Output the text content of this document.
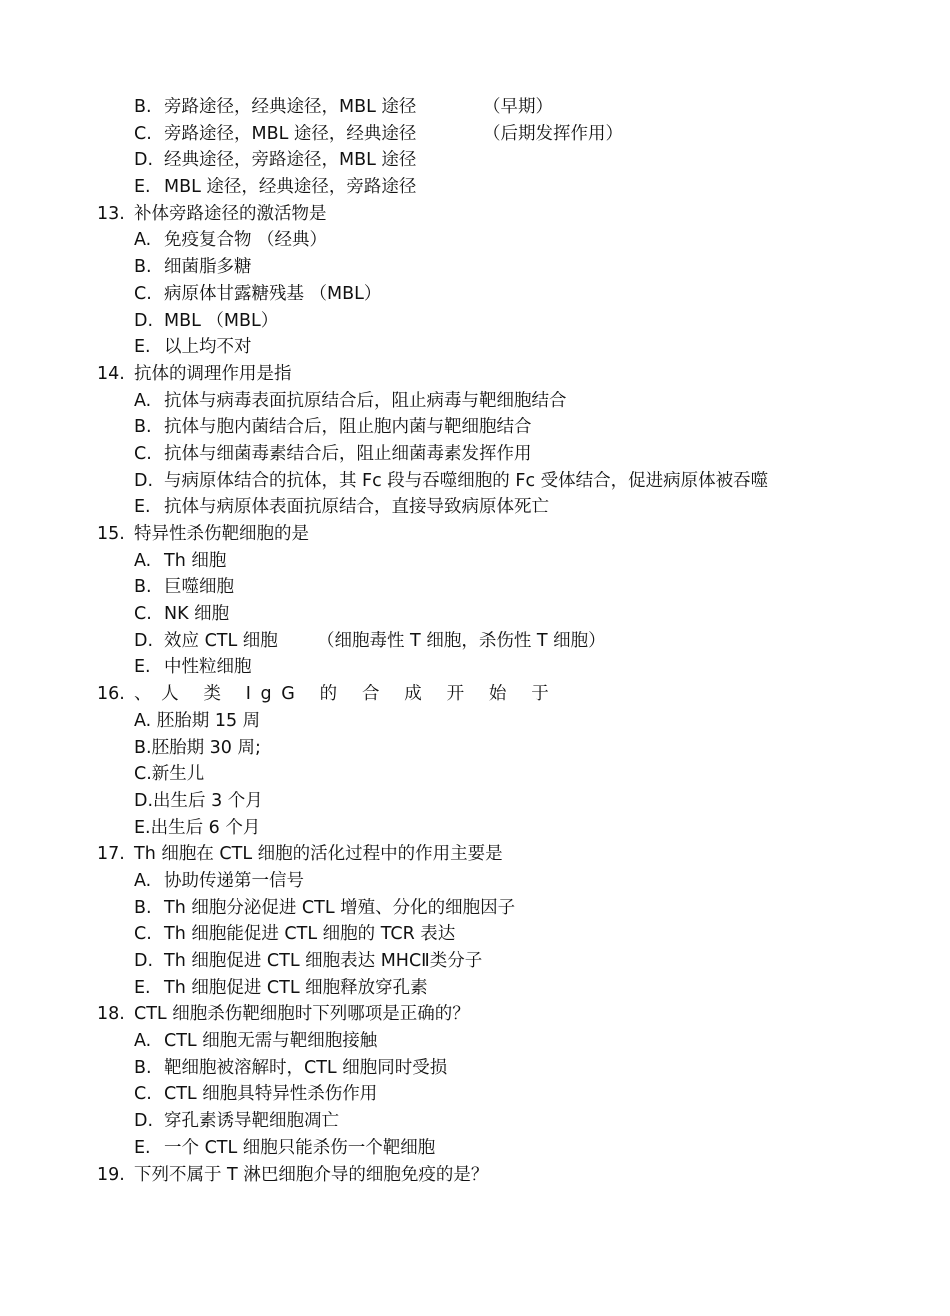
B. 旁路途径，经典途径，MBL 途径	（早期）
C. 旁路途径，MBL 途径，经典途径	（后期发挥作用）
D. 经典途径，旁路途径，MBL 途径
E. MBL 途径，经典途径，旁路途径
13. 补体旁路途径的激活物是
A. 免疫复合物 （经典）
B. 细菌脂多糖
C. 病原体甘露糖残基 （MBL）
D. MBL （MBL）
E. 以上均不对
14. 抗体的调理作用是指
A. 抗体与病毒表面抗原结合后，阻止病毒与靶细胞结合
B. 抗体与胞内菌结合后，阻止胞内菌与靶细胞结合
C. 抗体与细菌毒素结合后，阻止细菌毒素发挥作用
D. 与病原体结合的抗体，其 Fc 段与吞噬细胞的 Fc 受体结合，促进病原体被吞噬
E. 抗体与病原体表面抗原结合，直接导致病原体死亡
15. 特异性杀伤靶细胞的是
A. Th 细胞
B. 巨噬细胞
C. NK 细胞
D. 效应 CTL 细胞 （细胞毒性 T 细胞，杀伤性 T 细胞）
E. 中性粒细胞
16. 、人 类 IgG 的 合 成 开 始 于
A. 胚胎期 15 周
B.胚胎期 30 周;
C.新生儿
D.出生后 3 个月
E.出生后 6 个月
17. Th 细胞在 CTL 细胞的活化过程中的作用主要是
A. 协助传递第一信号
B. Th 细胞分泌促进 CTL 增殖、分化的细胞因子
C. Th 细胞能促进 CTL 细胞的 TCR 表达
D. Th 细胞促进 CTL 细胞表达 MHCⅡ类分子
E. Th 细胞促进 CTL 细胞释放穿孔素
18. CTL 细胞杀伤靶细胞时下列哪项是正确的？
A. CTL 细胞无需与靶细胞接触
B. 靶细胞被溶解时，CTL 细胞同时受损
C. CTL 细胞具特异性杀伤作用
D. 穿孔素诱导靶细胞凋亡
E. 一个 CTL 细胞只能杀伤一个靶细胞
19. 下列不属于 T 淋巴细胞介导的细胞免疫的是？
